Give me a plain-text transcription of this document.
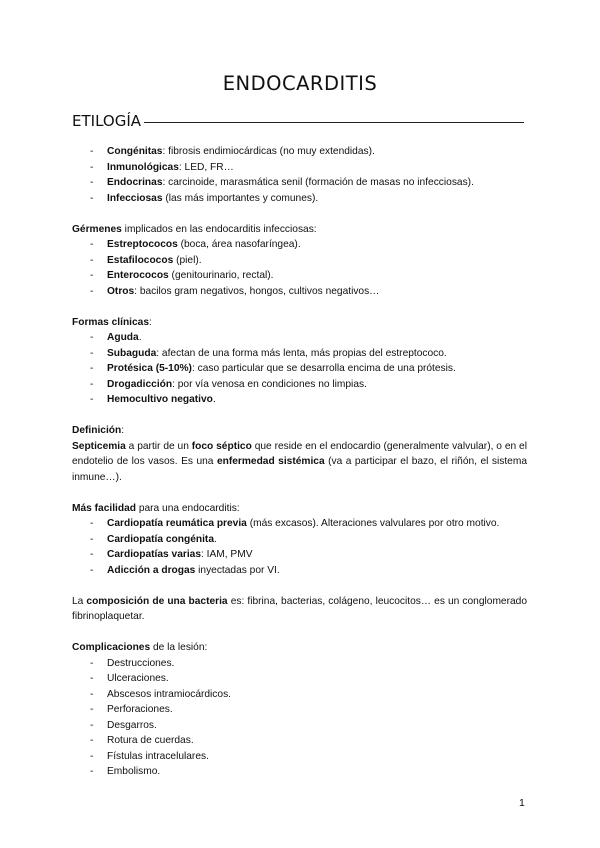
ENDOCARDITIS
ETILOGÍA
- Congénitas: fibrosis endimiocárdicas (no muy extendidas).
- Inmunológicas: LED, FR…
- Endocrinas: carcinoide, marasmática senil (formación de masas no infecciosas).
- Infecciosas (las más importantes y comunes).

Gérmenes implicados en las endocarditis infecciosas:

- Estreptococos (boca, área nasofaríngea).
- Estafilococos (piel).
- Enterococos (genitourinario, rectal).
- Otros: bacilos gram negativos, hongos, cultivos negativos…

Formas clínicas:

- Aguda.
- Subaguda: afectan de una forma más lenta, más propias del estreptococo.
- Protésica (5-10%): caso particular que se desarrolla encima de una prótesis.
- Drogadicción: por vía venosa en condiciones no limpias.
- Hemocultivo negativo.

Definición:

Septicemia a partir de un foco séptico que reside en el endocardio (generalmente valvular), o en el endotelio de los vasos. Es una enfermedad sistémica (va a participar el bazo, el riñón, el sistema inmune…).

Más facilidad para una endocarditis:

- Cardiopatía reumática previa (más excasos). Alteraciones valvulares por otro motivo.
- Cardiopatía congénita.
- Cardiopatías varias: IAM, PMV
- Adicción a drogas inyectadas por VI.

La composición de una bacteria es: fibrina, bacterias, colágeno, leucocitos… es un conglomerado fibrinoplaquetar.

Complicaciones de la lesión:

- Destrucciones.
- Ulceraciones.
- Abscesos intramiocárdicos.
- Perforaciones.
- Desgarros.
- Rotura de cuerdas.
- Fístulas intracelulares.
- Embolismo.
1
